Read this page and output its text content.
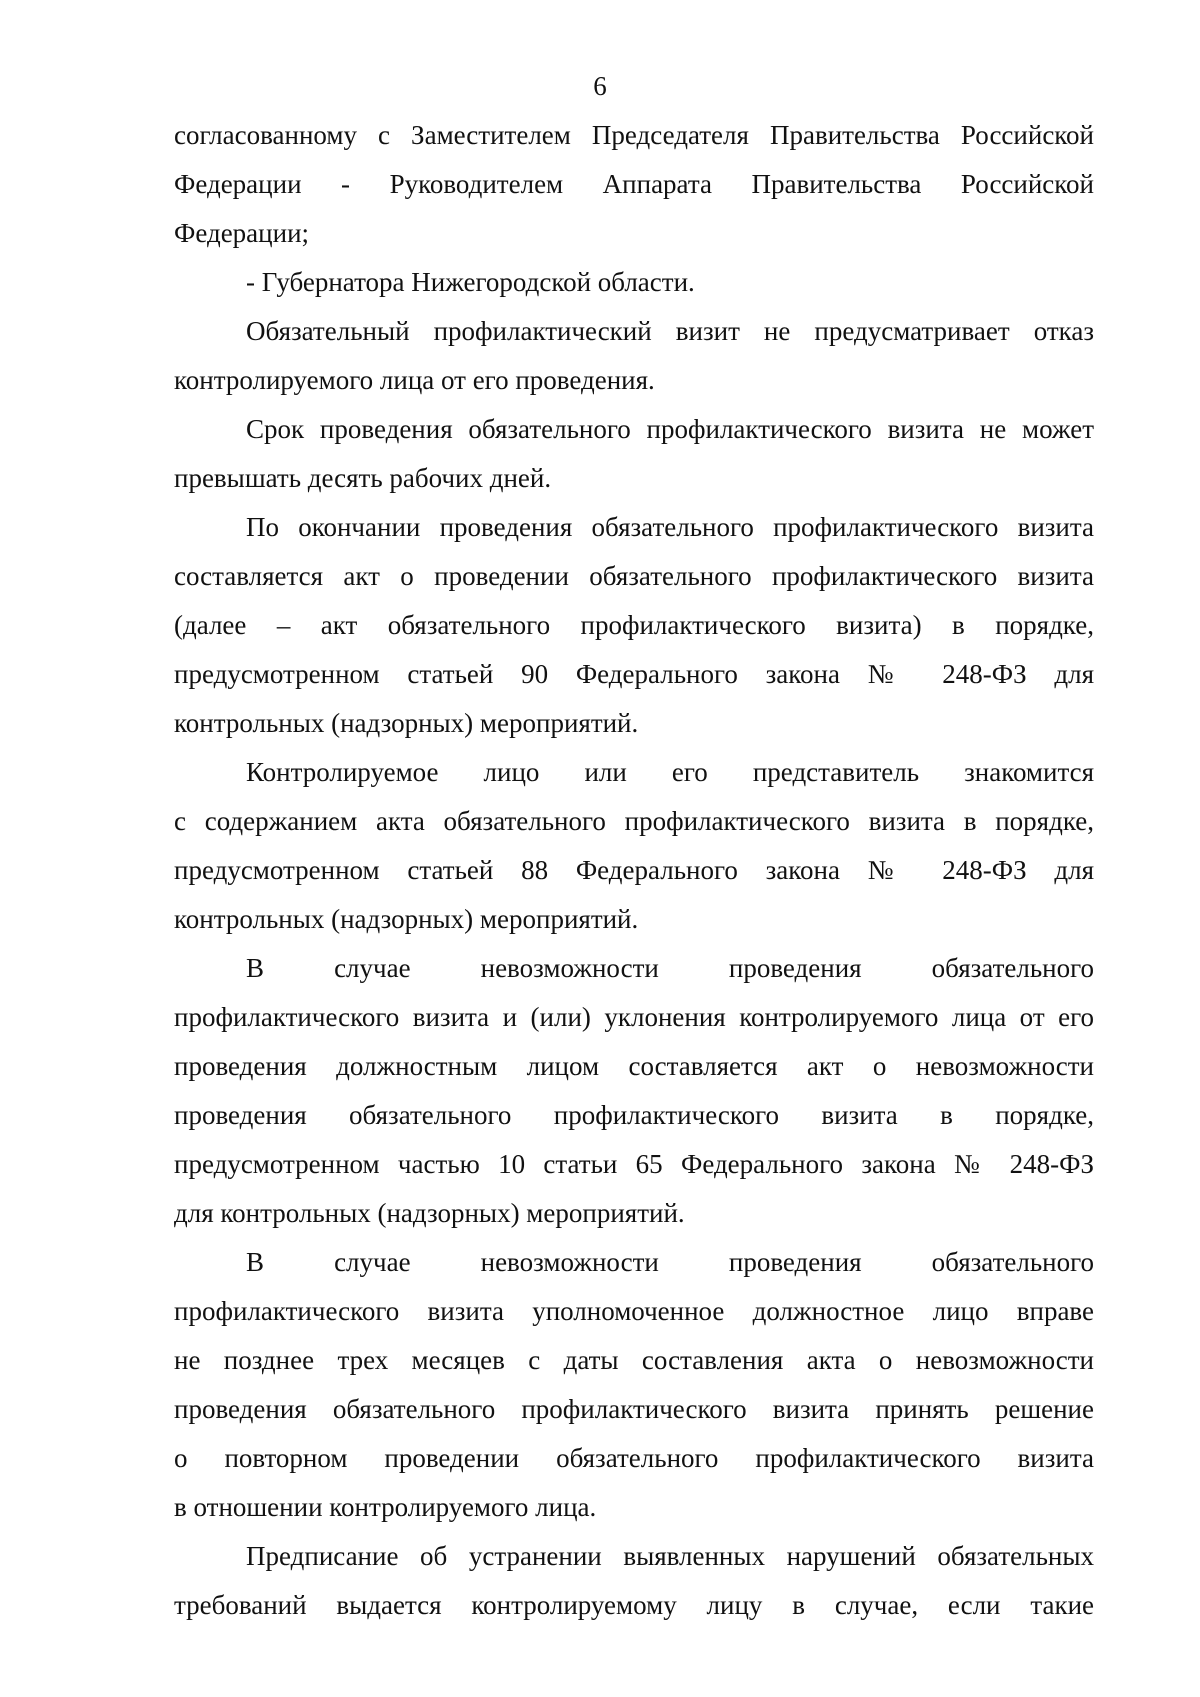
6
согласованному с Заместителем Председателя Правительства Российской
Федерации - Руководителем Аппарата Правительства Российской
Федерации;
- Губернатора Нижегородской области.
Обязательный профилактический визит не предусматривает отказ
контролируемого лица от его проведения.
Срок проведения обязательного профилактического визита не может
превышать десять рабочих дней.
По окончании проведения обязательного профилактического визита
составляется акт о проведении обязательного профилактического визита
(далее – акт обязательного профилактического визита) в порядке,
предусмотренном статьей 90 Федерального закона № 248-ФЗ для
контрольных (надзорных) мероприятий.
Контролируемое лицо или его представитель знакомится
с содержанием акта обязательного профилактического визита в порядке,
предусмотренном статьей 88 Федерального закона № 248-ФЗ для
контрольных (надзорных) мероприятий.
В случае невозможности проведения обязательного
профилактического визита и (или) уклонения контролируемого лица от его
проведения должностным лицом составляется акт о невозможности
проведения обязательного профилактического визита в порядке,
предусмотренном частью 10 статьи 65 Федерального закона № 248-ФЗ
для контрольных (надзорных) мероприятий.
В случае невозможности проведения обязательного
профилактического визита уполномоченное должностное лицо вправе
не позднее трех месяцев с даты составления акта о невозможности
проведения обязательного профилактического визита принять решение
о повторном проведении обязательного профилактического визита
в отношении контролируемого лица.
Предписание об устранении выявленных нарушений обязательных
требований выдается контролируемому лицу в случае, если такие
